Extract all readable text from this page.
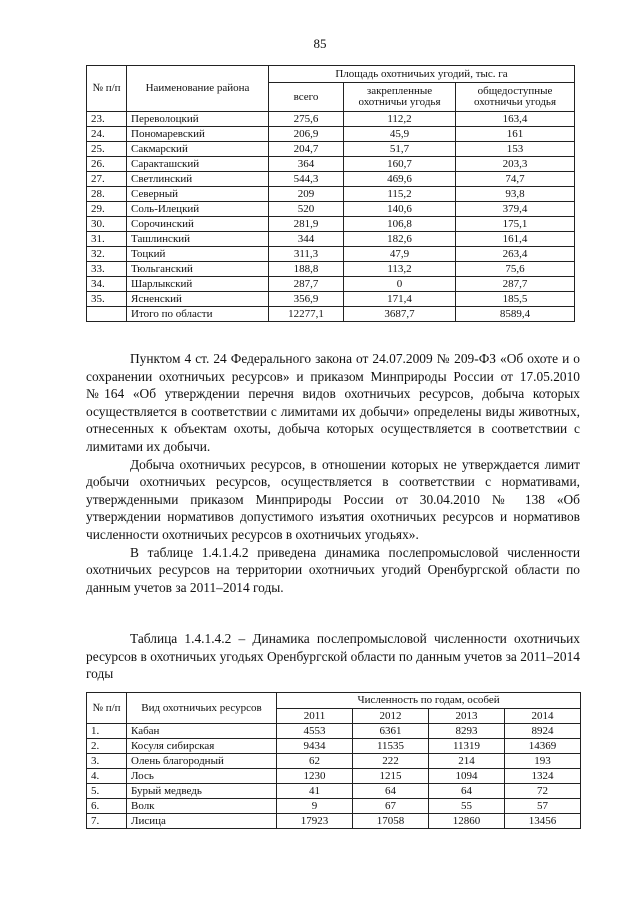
85
№ п/п	Наименование района	Площадь охотничьих угодий, тыс. га		
		всего	закрепленные охотничьи угодья	общедоступные охотничьи угодья
23.	Переволоцкий	275,6	112,2	163,4
24.	Пономаревский	206,9	45,9	161
25.	Сакмарский	204,7	51,7	153
26.	Саракташский	364	160,7	203,3
27.	Светлинский	544,3	469,6	74,7
28.	Северный	209	115,2	93,8
29.	Соль-Илецкий	520	140,6	379,4
30.	Сорочинский	281,9	106,8	175,1
31.	Ташлинский	344	182,6	161,4
32.	Тоцкий	311,3	47,9	263,4
33.	Тюльганский	188,8	113,2	75,6
34.	Шарлыкский	287,7	0	287,7
35.	Ясненский	356,9	171,4	185,5
	Итого по области	12277,1	3687,7	8589,4

Пунктом 4 ст. 24 Федерального закона от 24.07.2009 № 209-ФЗ «Об охоте и о сохранении охотничьих ресурсов» и приказом Минприроды России от 17.05.2010 №164 «Об утверждении перечня видов охотничьих ресурсов, добыча которых осуществляется в соответствии с лимитами их добычи» определены виды животных, отнесенных к объектам охоты, добыча которых осуществляется в соответствии с лимитами их добычи.

Добыча охотничьих ресурсов, в отношении которых не утверждается лимит добычи охотничьих ресурсов, осуществляется в соответствии с нормативами, утвержденными приказом Минприроды России от 30.04.2010 № 138 «Об утверждении нормативов допустимого изъятия охотничьих ресурсов и нормативов численности охотничьих ресурсов в охотничьих угодьях».

В таблице 1.4.1.4.2 приведена динамика послепромысловой численности охотничьих ресурсов на территории охотничьих угодий Оренбургской области по данным учетов за 2011–2014 годы.

Таблица 1.4.1.4.2 – Динамика послепромысловой численности охотничьих ресурсов в охотничьих угодьях Оренбургской области по данным учетов за 2011–2014 годы

№ п/п	Вид охотничьих ресурсов	Численность по годам, особей			
		2011	2012	2013	2014
1.	Кабан	4553	6361	8293	8924
2.	Косуля сибирская	9434	11535	11319	14369
3.	Олень благородный	62	222	214	193
4.	Лось	1230	1215	1094	1324
5.	Бурый медведь	41	64	64	72
6.	Волк	9	67	55	57
7.	Лисица	17923	17058	12860	13456
